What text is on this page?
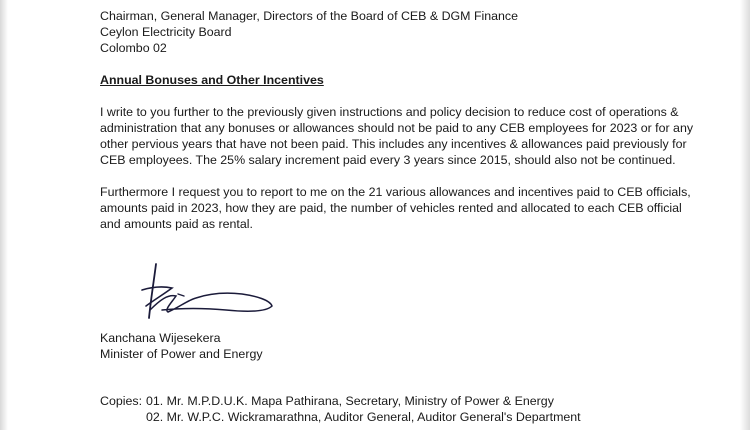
Chairman, General Manager, Directors of the Board of CEB & DGM Finance
Ceylon Electricity Board
Colombo 02
Annual Bonuses and Other Incentives
I write to you further to the previously given instructions and policy decision to reduce cost of operations &
administration that any bonuses or allowances should not be paid to any CEB employees for 2023 or for any
other pervious years that have not been paid. This includes any incentives & allowances paid previously for
CEB employees. The 25% salary increment paid every 3 years since 2015, should also not be continued.
Furthermore I request you to report to me on the 21 various allowances and incentives paid to CEB officials,
amounts paid in 2023, how they are paid, the number of vehicles rented and allocated to each CEB official
and amounts paid as rental.
Kanchana Wijesekera
Minister of Power and Energy
Copies: 01. Mr. M.P.D.U.K. Mapa Pathirana, Secretary, Ministry of Power & Energy
02. Mr. W.P.C. Wickramarathna, Auditor General, Auditor General's Department
